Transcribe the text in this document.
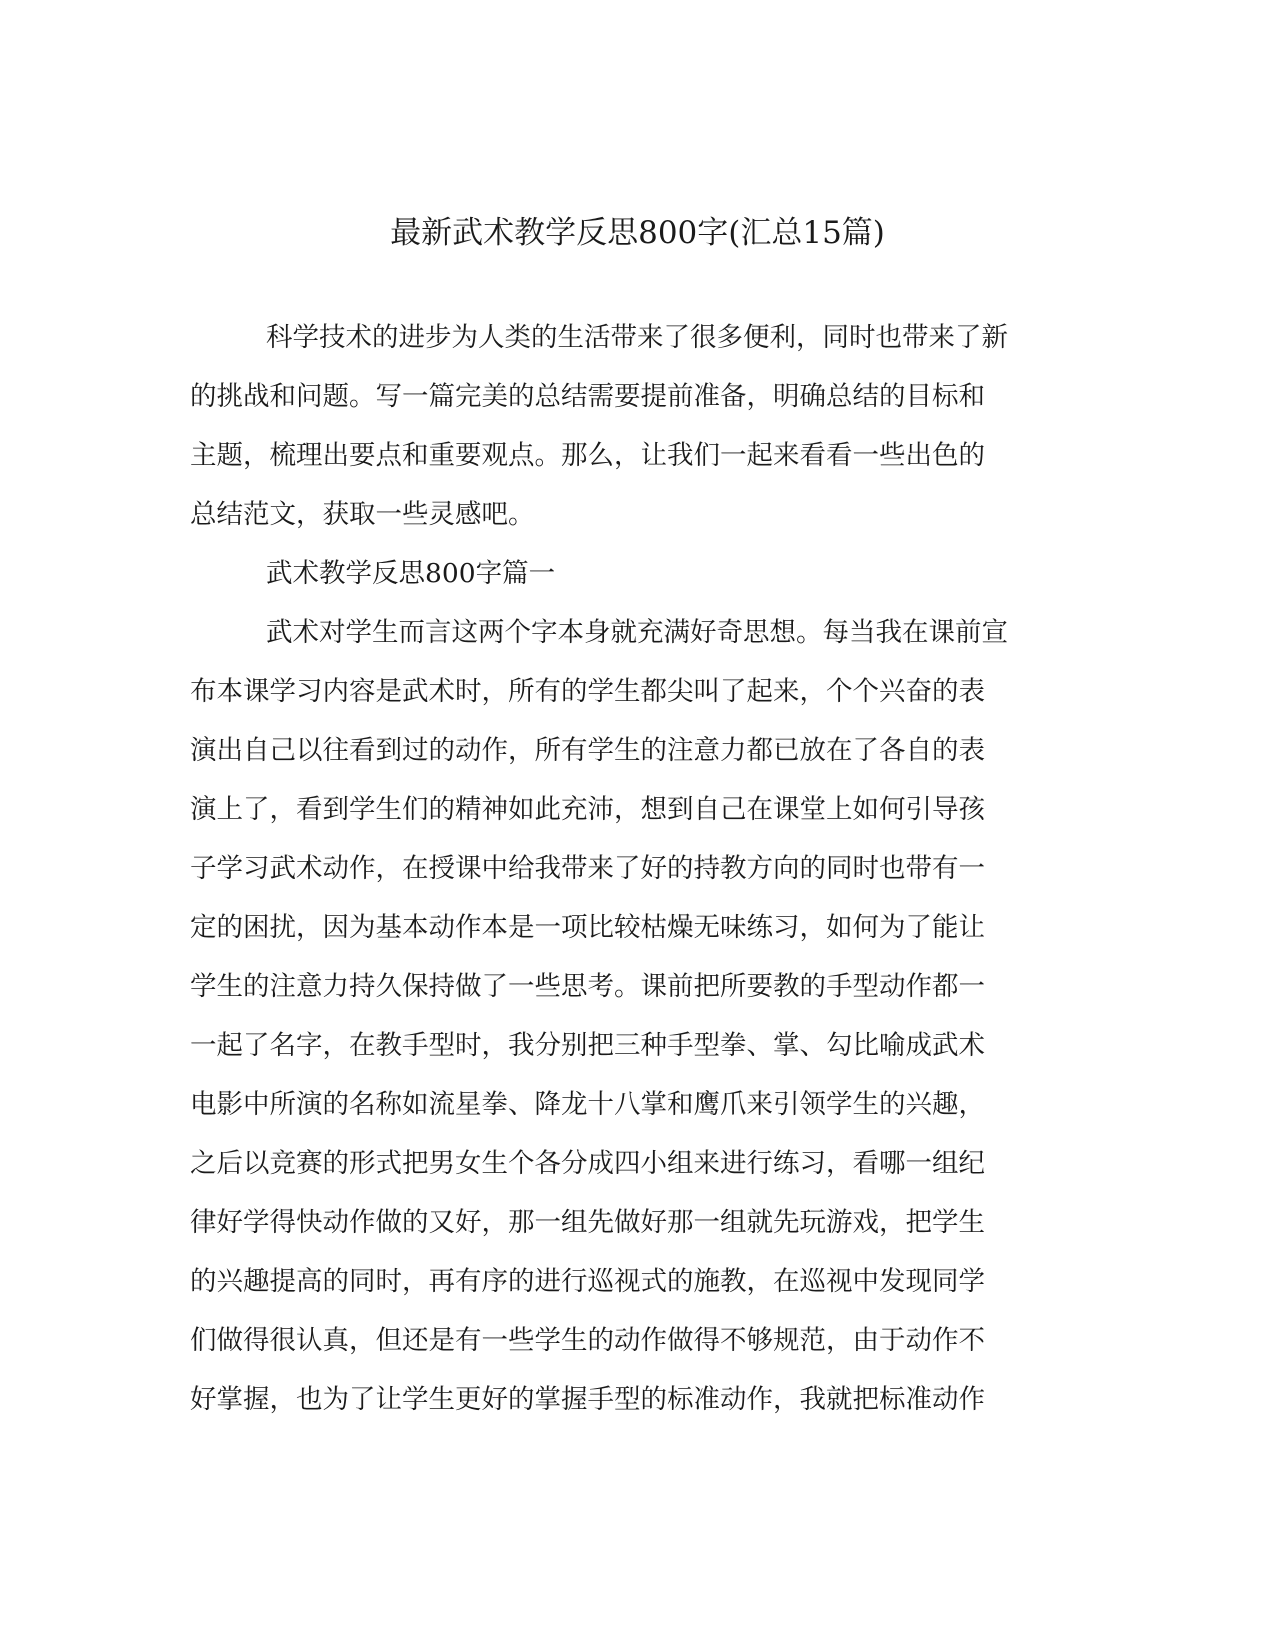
最新武术教学反思800字(汇总15篇)
科学技术的进步为人类的生活带来了很多便利，同时也带来了新
的挑战和问题。写一篇完美的总结需要提前准备，明确总结的目标和
主题，梳理出要点和重要观点。那么，让我们一起来看看一些出色的
总结范文，获取一些灵感吧。
武术教学反思800字篇一
武术对学生而言这两个字本身就充满好奇思想。每当我在课前宣
布本课学习内容是武术时，所有的学生都尖叫了起来，个个兴奋的表
演出自己以往看到过的动作，所有学生的注意力都已放在了各自的表
演上了，看到学生们的精神如此充沛，想到自己在课堂上如何引导孩
子学习武术动作，在授课中给我带来了好的持教方向的同时也带有一
定的困扰，因为基本动作本是一项比较枯燥无味练习，如何为了能让
学生的注意力持久保持做了一些思考。课前把所要教的手型动作都一
一起了名字，在教手型时，我分别把三种手型拳、掌、勾比喻成武术
电影中所演的名称如流星拳、降龙十八掌和鹰爪来引领学生的兴趣，
之后以竞赛的形式把男女生个各分成四小组来进行练习，看哪一组纪
律好学得快动作做的又好，那一组先做好那一组就先玩游戏，把学生
的兴趣提高的同时，再有序的进行巡视式的施教，在巡视中发现同学
们做得很认真，但还是有一些学生的动作做得不够规范，由于动作不
好掌握，也为了让学生更好的掌握手型的标准动作，我就把标准动作
